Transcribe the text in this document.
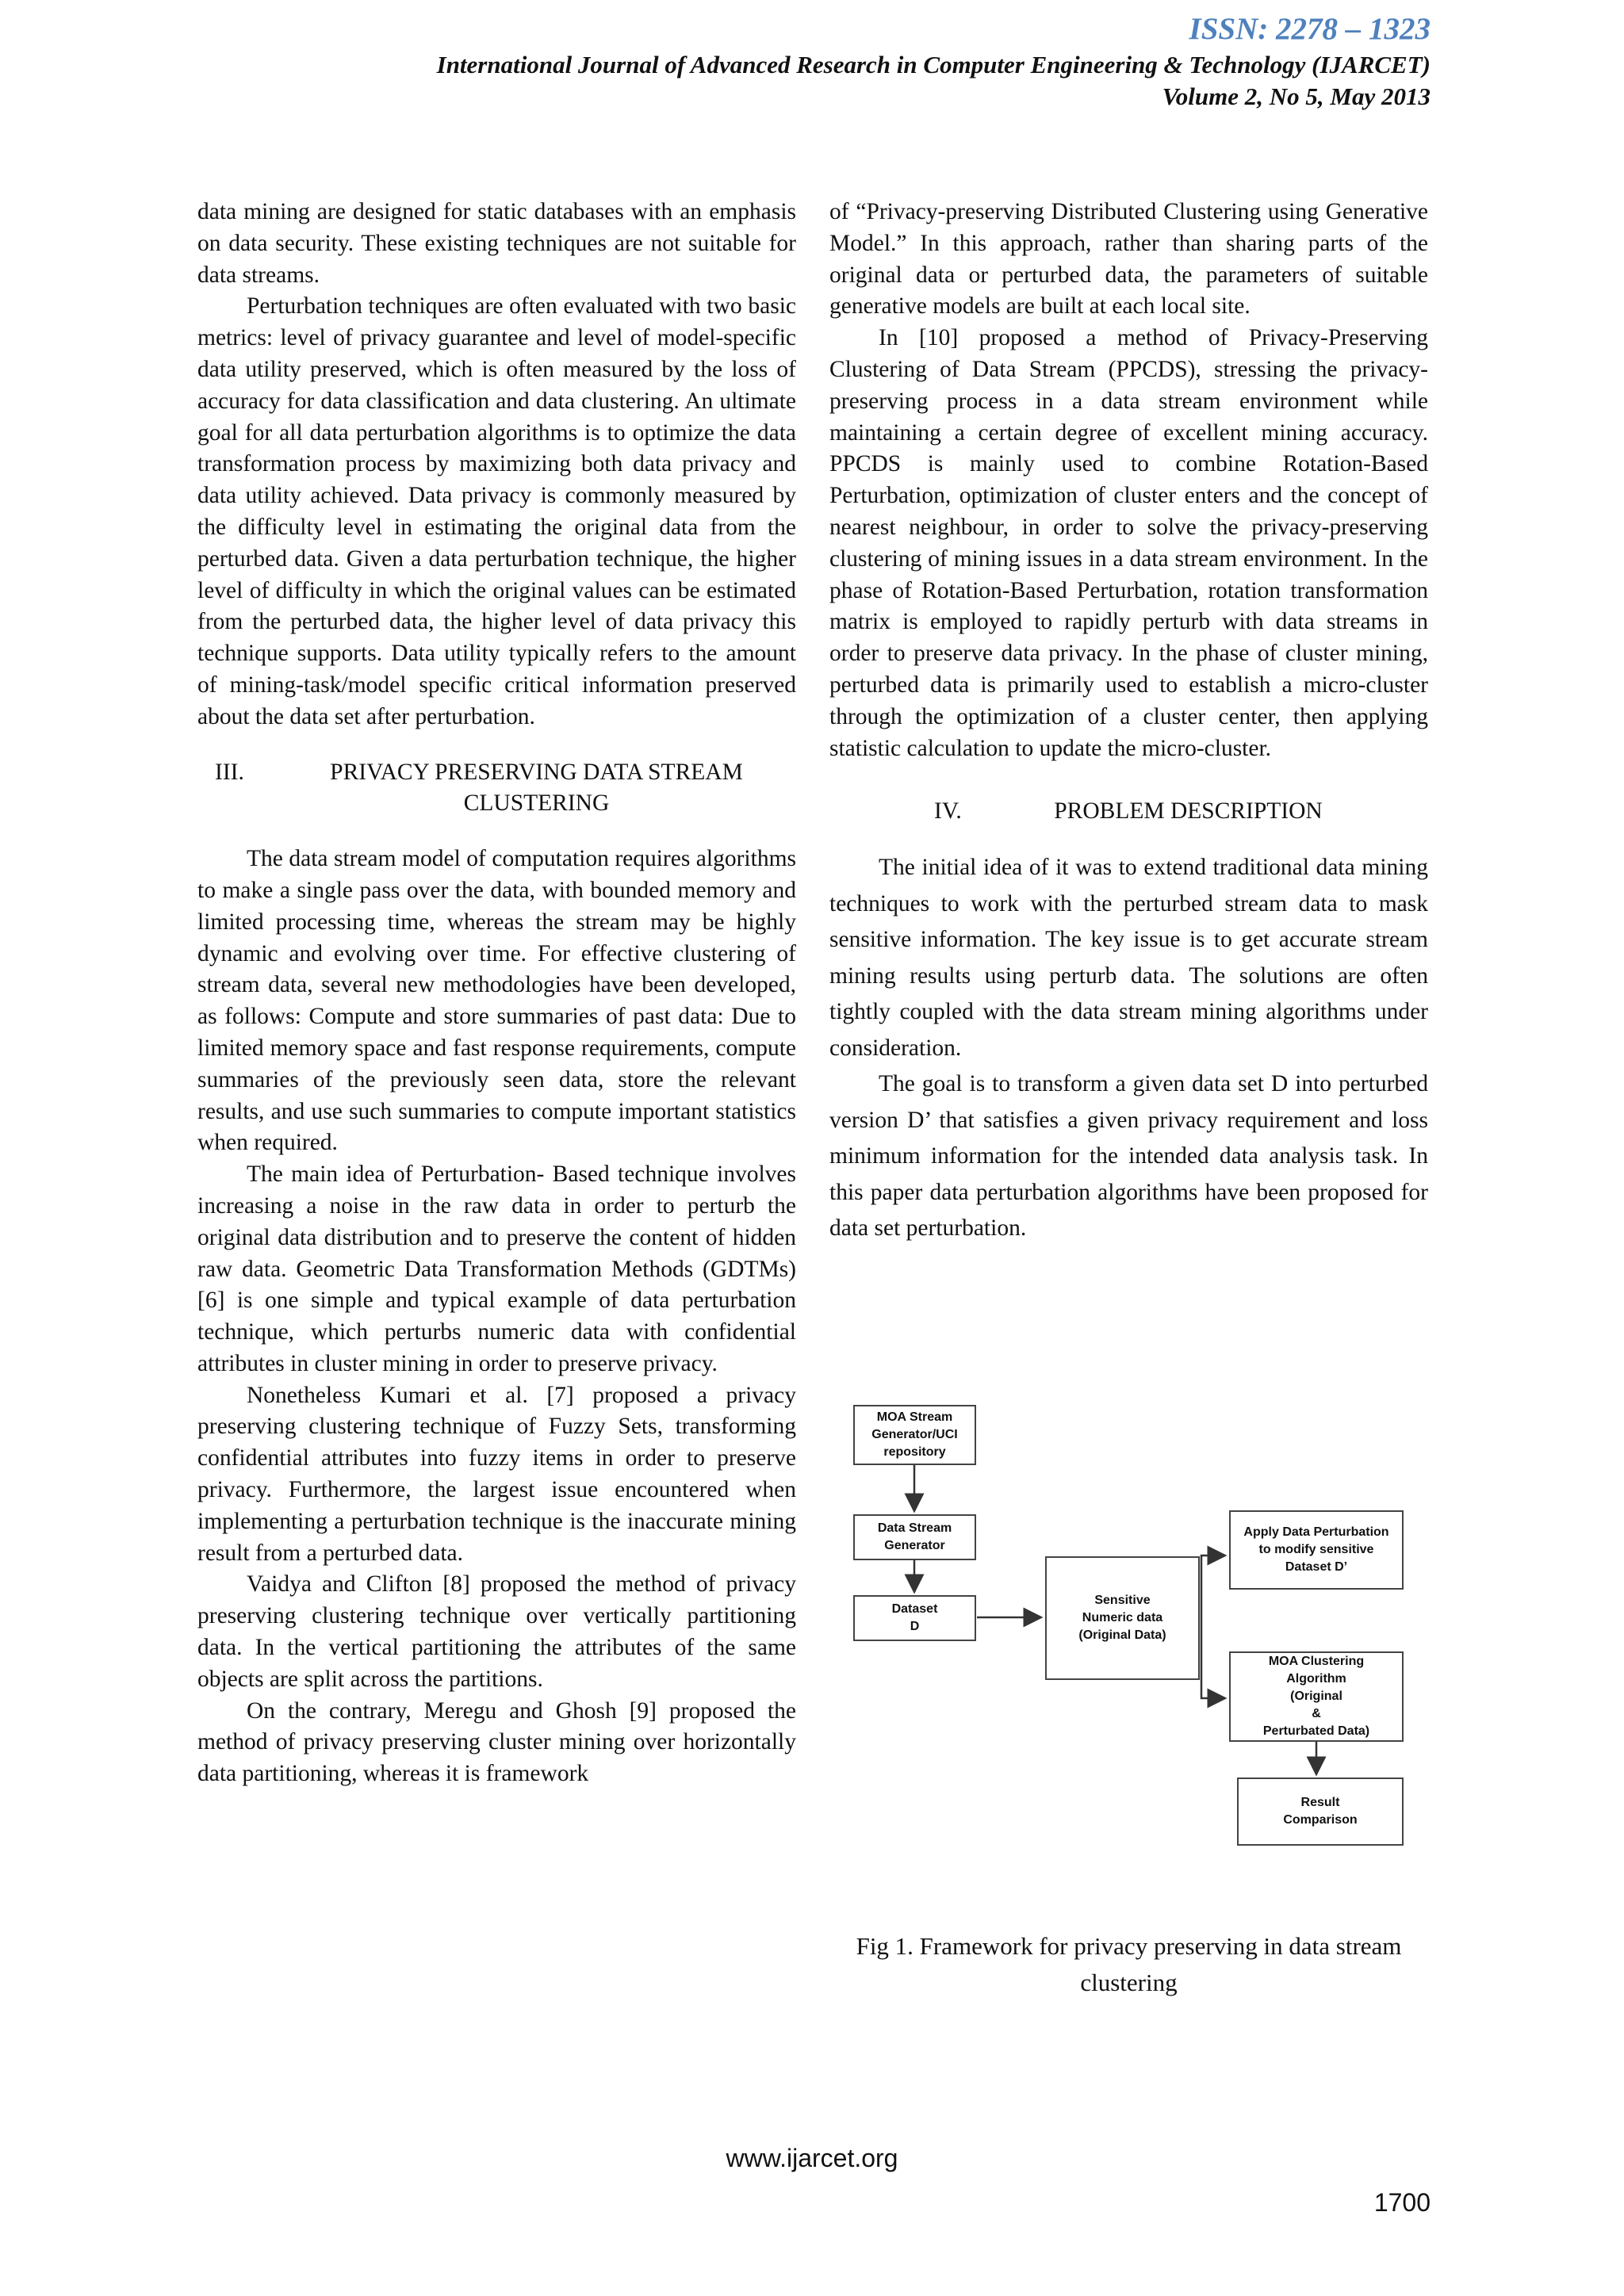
ISSN: 2278 – 1323
International Journal of Advanced Research in Computer Engineering & Technology (IJARCET)
Volume 2, No 5, May 2013

data mining are designed for static databases with an emphasis on data security. These existing techniques are not suitable for data streams.

Perturbation techniques are often evaluated with two basic metrics: level of privacy guarantee and level of model-specific data utility preserved, which is often measured by the loss of accuracy for data classification and data clustering. An ultimate goal for all data perturbation algorithms is to optimize the data transformation process by maximizing both data privacy and data utility achieved. Data privacy is commonly measured by the difficulty level in estimating the original data from the perturbed data. Given a data perturbation technique, the higher level of difficulty in which the original values can be estimated from the perturbed data, the higher level of data privacy this technique supports. Data utility typically refers to the amount of mining-task/model specific critical information preserved about the data set after perturbation.

III.	PRIVACY PRESERVING DATA STREAM CLUSTERING

The data stream model of computation requires algorithms to make a single pass over the data, with bounded memory and limited processing time, whereas the stream may be highly dynamic and evolving over time. For effective clustering of stream data, several new methodologies have been developed, as follows: Compute and store summaries of past data: Due to limited memory space and fast response requirements, compute summaries of the previously seen data, store the relevant results, and use such summaries to compute important statistics when required.

The main idea of Perturbation- Based technique involves increasing a noise in the raw data in order to perturb the original data distribution and to preserve the content of hidden raw data. Geometric Data Transformation Methods (GDTMs) [6] is one simple and typical example of data perturbation technique, which perturbs numeric data with confidential attributes in cluster mining in order to preserve privacy.

Nonetheless Kumari et al. [7] proposed a privacy preserving clustering technique of Fuzzy Sets, transforming confidential attributes into fuzzy items in order to preserve privacy. Furthermore, the largest issue encountered when implementing a perturbation technique is the inaccurate mining result from a perturbed data.

Vaidya and Clifton [8] proposed the method of privacy preserving clustering technique over vertically partitioning data. In the vertical partitioning the attributes of the same objects are split across the partitions.

On the contrary, Meregu and Ghosh [9] proposed the method of privacy preserving cluster mining over horizontally data partitioning, whereas it is framework

of “Privacy-preserving Distributed Clustering using Generative Model.” In this approach, rather than sharing parts of the original data or perturbed data, the parameters of suitable generative models are built at each local site.

In [10] proposed a method of Privacy-Preserving Clustering of Data Stream (PPCDS), stressing the privacy-preserving process in a data stream environment while maintaining a certain degree of excellent mining accuracy. PPCDS is mainly used to combine Rotation-Based Perturbation, optimization of cluster enters and the concept of nearest neighbour, in order to solve the privacy-preserving clustering of mining issues in a data stream environment. In the phase of Rotation-Based Perturbation, rotation transformation matrix is employed to rapidly perturb with data streams in order to preserve data privacy. In the phase of cluster mining, perturbed data is primarily used to establish a micro-cluster through the optimization of a cluster center, then applying statistic calculation to update the micro-cluster.

IV.	PROBLEM DESCRIPTION

The initial idea of it was to extend traditional data mining techniques to work with the perturbed stream data to mask sensitive information. The key issue is to get accurate stream mining results using perturb data. The solutions are often tightly coupled with the data stream mining algorithms under consideration.

The goal is to transform a given data set D into perturbed version D’ that satisfies a given privacy requirement and loss minimum information for the intended data analysis task. In this paper data perturbation algorithms have been proposed for data set perturbation.

MOA Stream
Generator/UCI
repository
Data Stream
Generator
Dataset
D
Sensitive
Numeric data
(Original Data)
Apply Data Perturbation
to modify sensitive
Dataset D’
MOA Clustering
Algorithm
(Original
&
Perturbated Data)
Result
Comparison
Fig 1. Framework for privacy preserving in data stream clustering
www.ijarcet.org
1700
